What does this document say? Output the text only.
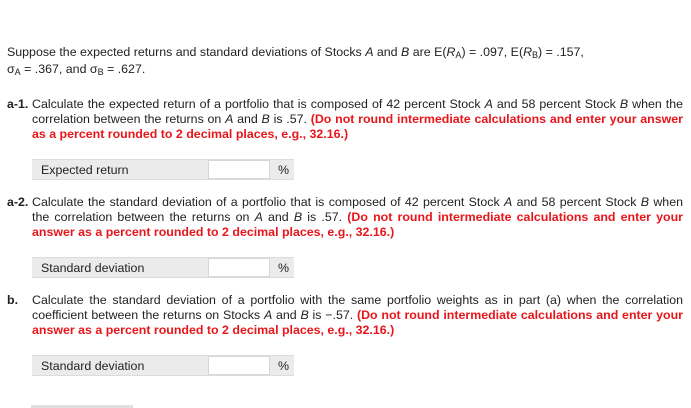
Suppose the expected returns and standard deviations of Stocks A and B are $E(R_A) = .097$, $E(R_B) = .157$,
$\sigma_A = .367$, and $\sigma_B = .627$.
a-1. Calculate the expected return of a portfolio that is composed of 42 percent Stock A and 58 percent Stock B when the correlation between the returns on A and B is .57. (Do not round intermediate calculations and enter your answer as a percent rounded to 2 decimal places, e.g., 32.16.)
Expected return	%
a-2. Calculate the standard deviation of a portfolio that is composed of 42 percent Stock A and 58 percent Stock B when the correlation between the returns on A and B is .57. (Do not round intermediate calculations and enter your answer as a percent rounded to 2 decimal places, e.g., 32.16.)
Standard deviation	%
b. Calculate the standard deviation of a portfolio with the same portfolio weights as in part (a) when the correlation coefficient between the returns on Stocks A and B is −.57. (Do not round intermediate calculations and enter your answer as a percent rounded to 2 decimal places, e.g., 32.16.)
Standard deviation	%
